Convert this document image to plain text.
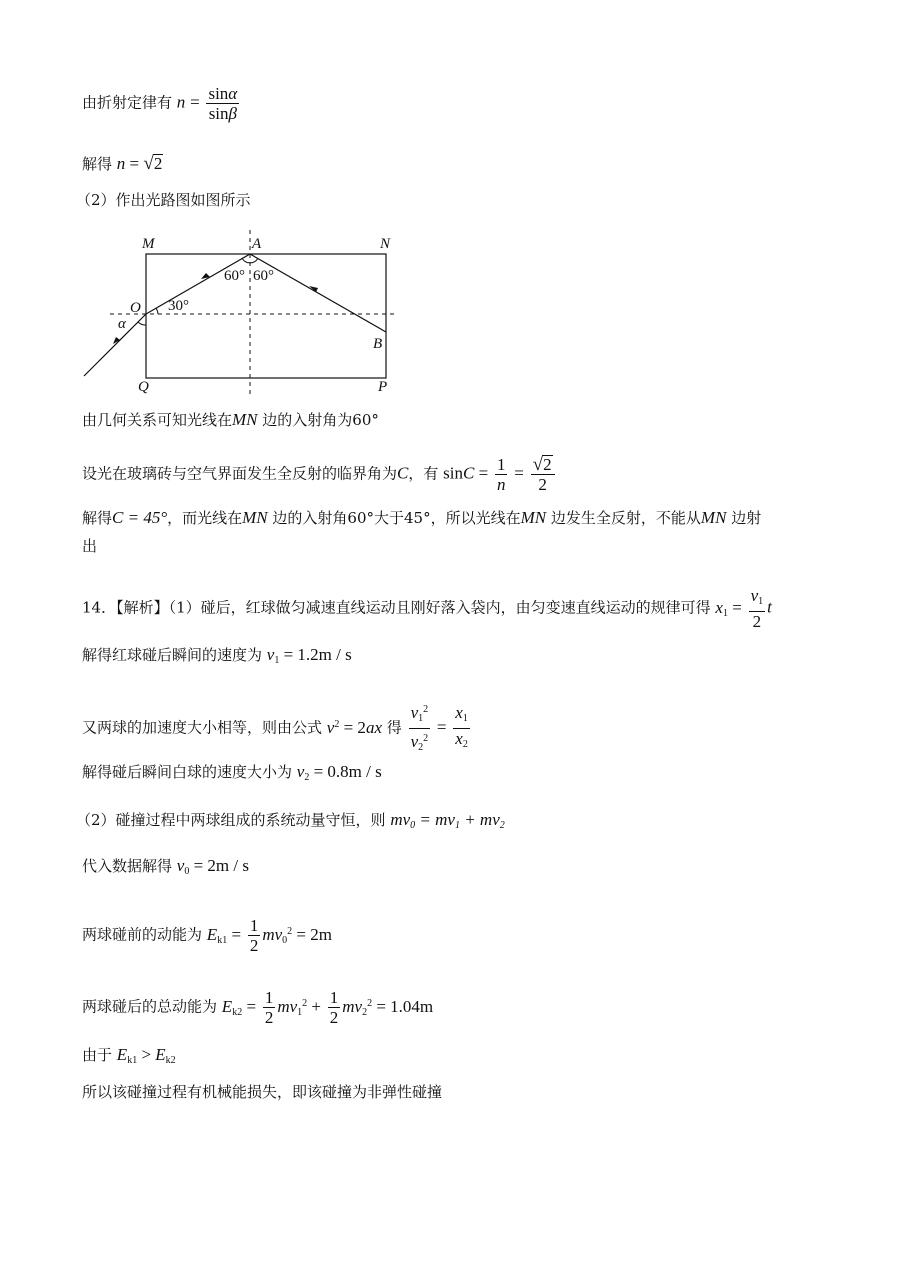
由折射定律有 $n = \frac{\sin\alpha}{\sin\beta}$
解得 n = √2
（2）作出光路图如图所示
M	A	N
O
B
Q	P
60° 60°
30°
α
由几何关系可知光线在MN 边的入射角为60°
设光在玻璃砖与空气界面发生全反射的临界角为C，有 $\sin C = \frac{1}{n} = \frac{√2}{2}$
解得C = 45°，而光线在MN 边的入射角60°大于45°，所以光线在MN 边发生全反射，不能从MN 边射
出
14．【解析】（1）碰后，红球做匀减速直线运动且刚好落入袋内，由匀变速直线运动的规律可得 $x_1 = \frac{v_1}{2}$ t
解得红球碰后瞬间的速度为 $v_1 = 1.2m / s$
又两球的加速度大小相等，则由公式 $v^2 = 2ax$ 得 $\frac{v_1^2}{v_2^2} = \frac{x_1}{x_2}$
解得碰后瞬间白球的速度大小为 $v_2 = 0.8m / s$
（2）碰撞过程中两球组成的系统动量守恒，则 $mv_0 = mv_1 + mv_2$
代入数据解得 $v_0 = 2m / s$
两球碰前的动能为 $E_{k1} = \frac{1}{2} mv_0^2 = 2m$
两球碰后的总动能为 $E_{k2} = \frac{1}{2} mv_1^2 + \frac{1}{2} mv_2^2 = 1.04m$
由于 $E_{k1} > E_{k2}$
所以该碰撞过程有机械能损失，即该碰撞为非弹性碰撞
